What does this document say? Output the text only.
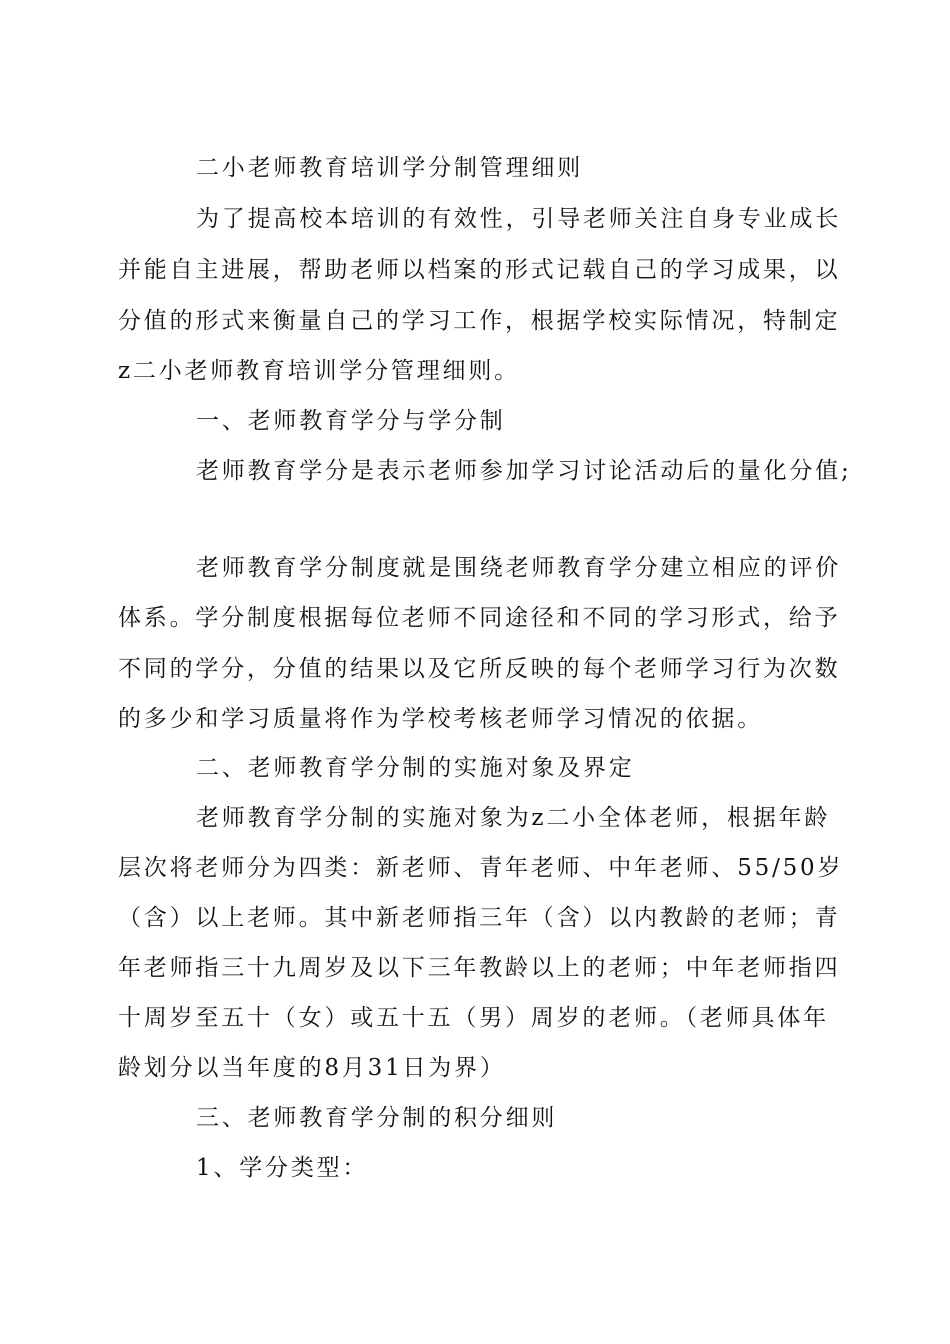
二小老师教育培训学分制管理细则

为了提高校本培训的有效性，引导老师关注自身专业成长

并能自主进展，帮助老师以档案的形式记载自己的学习成果，以

分值的形式来衡量自己的学习工作，根据学校实际情况，特制定

z二小老师教育培训学分管理细则。

一、老师教育学分与学分制

老师教育学分是表示老师参加学习讨论活动后的量化分值;

老师教育学分制度就是围绕老师教育学分建立相应的评价

体系。学分制度根据每位老师不同途径和不同的学习形式，给予

不同的学分，分值的结果以及它所反映的每个老师学习行为次数

的多少和学习质量将作为学校考核老师学习情况的依据。

二、老师教育学分制的实施对象及界定

老师教育学分制的实施对象为z二小全体老师，根据年龄

层次将老师分为四类：新老师、青年老师、中年老师、55/50岁

（含）以上老师。其中新老师指三年（含）以内教龄的老师；青

年老师指三十九周岁及以下三年教龄以上的老师；中年老师指四

十周岁至五十（女）或五十五（男）周岁的老师。（老师具体年

龄划分以当年度的8月31日为界）

三、老师教育学分制的积分细则

1、学分类型：
